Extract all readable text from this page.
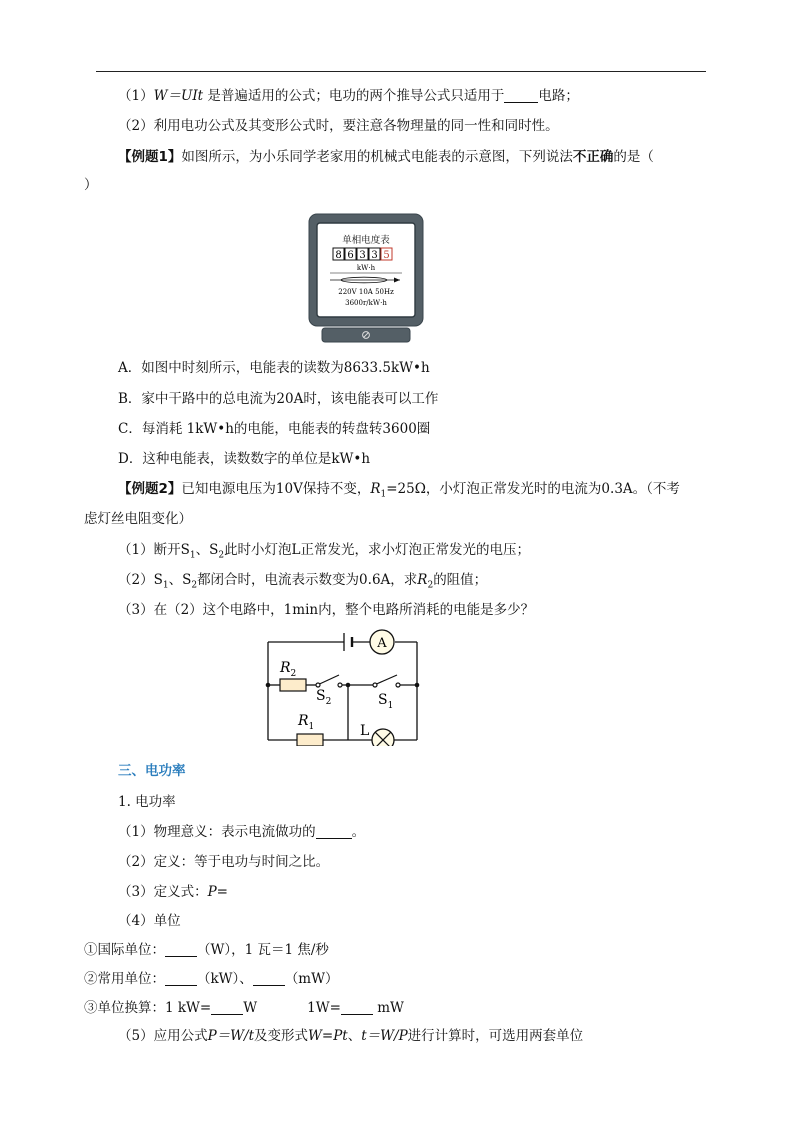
（1）W＝UIt 是普遍适用的公式；电功的两个推导公式只适用于	电路；
（2）利用电功公式及其变形公式时，要注意各物理量的同一性和同时性。
【例题1】如图所示，为小乐同学老家用的机械式电能表的示意图，下列说法不正确的是（
）
单相电度表
8 6 3 3 5
kW·h
220V 10A 50Hz
3600r/kW·h
A．如图中时刻所示，电能表的读数为8633.5kW•h
B．家中干路中的总电流为20A时，该电能表可以工作
C．每消耗 1kW•h的电能，电能表的转盘转3600圈
D．这种电能表，读数数字的单位是kW•h
【例题2】已知电源电压为10V保持不变，$R_1=25\Omega$，小灯泡正常发光时的电流为0.3A。（不考
虑灯丝电阻变化）
（1）断开$S_1$、$S_2$此时小灯泡L正常发光，求小灯泡正常发光的电压；
$(2)S_1$、$S_2$都闭合时，电流表示数变为0.6A，求$R_2$的阻值；
（3）在（2）这个电路中，1min内，整个电路所消耗的电能是多少？
A
$R_2$
$S_2$	$S_1$
$R_1$	L
三、电功率
1. 电功率
（1）物理意义：表示电流做功的	。
（2）定义：等于电功与时间之比。
（3）定义式：P=
（4）单位
①国际单位： （W），1 瓦＝1 焦/秒
②常用单位： （kW）、 （mW）
③单位换算：1 kW= W	1W= mW
（5）应用公式P＝W/t及变形式W=Pt、t＝W/P进行计算时，可选用两套单位
